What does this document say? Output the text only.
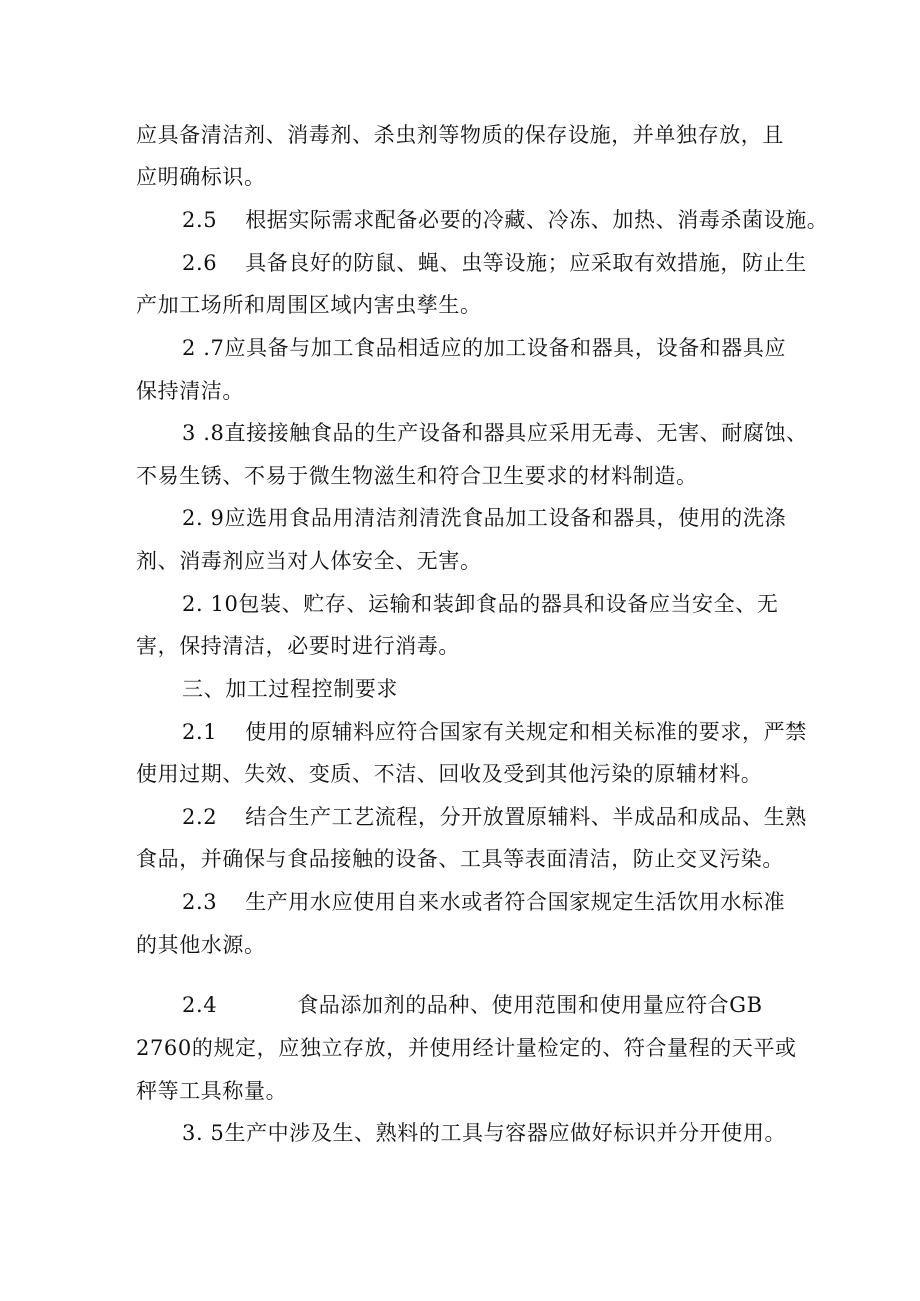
应具备清洁剂、消毒剂、杀虫剂等物质的保存设施，并单独存放，且
应明确标识。
2.5 根据实际需求配备必要的冷藏、冷冻、加热、消毒杀菌设施。
2.6 具备良好的防鼠、蝇、虫等设施；应采取有效措施，防止生
产加工场所和周围区域内害虫孳生。
2 .7应具备与加工食品相适应的加工设备和器具，设备和器具应
保持清洁。
3 .8直接接触食品的生产设备和器具应采用无毒、无害、耐腐蚀、
不易生锈、不易于微生物滋生和符合卫生要求的材料制造。
2. 9应选用食品用清洁剂清洗食品加工设备和器具，使用的洗涤
剂、消毒剂应当对人体安全、无害。
2. 10包装、贮存、运输和装卸食品的器具和设备应当安全、无
害，保持清洁，必要时进行消毒。
三、加工过程控制要求
2.1 使用的原辅料应符合国家有关规定和相关标准的要求，严禁
使用过期、失效、变质、不洁、回收及受到其他污染的原辅材料。
2.2 结合生产工艺流程，分开放置原辅料、半成品和成品、生熟
食品，并确保与食品接触的设备、工具等表面清洁，防止交叉污染。
2.3 生产用水应使用自来水或者符合国家规定生活饮用水标准
的其他水源。
2.4	食品添加剂的品种、使用范围和使用量应符合GB
2760的规定，应独立存放，并使用经计量检定的、符合量程的天平或
秤等工具称量。
3. 5生产中涉及生、熟料的工具与容器应做好标识并分开使用。
